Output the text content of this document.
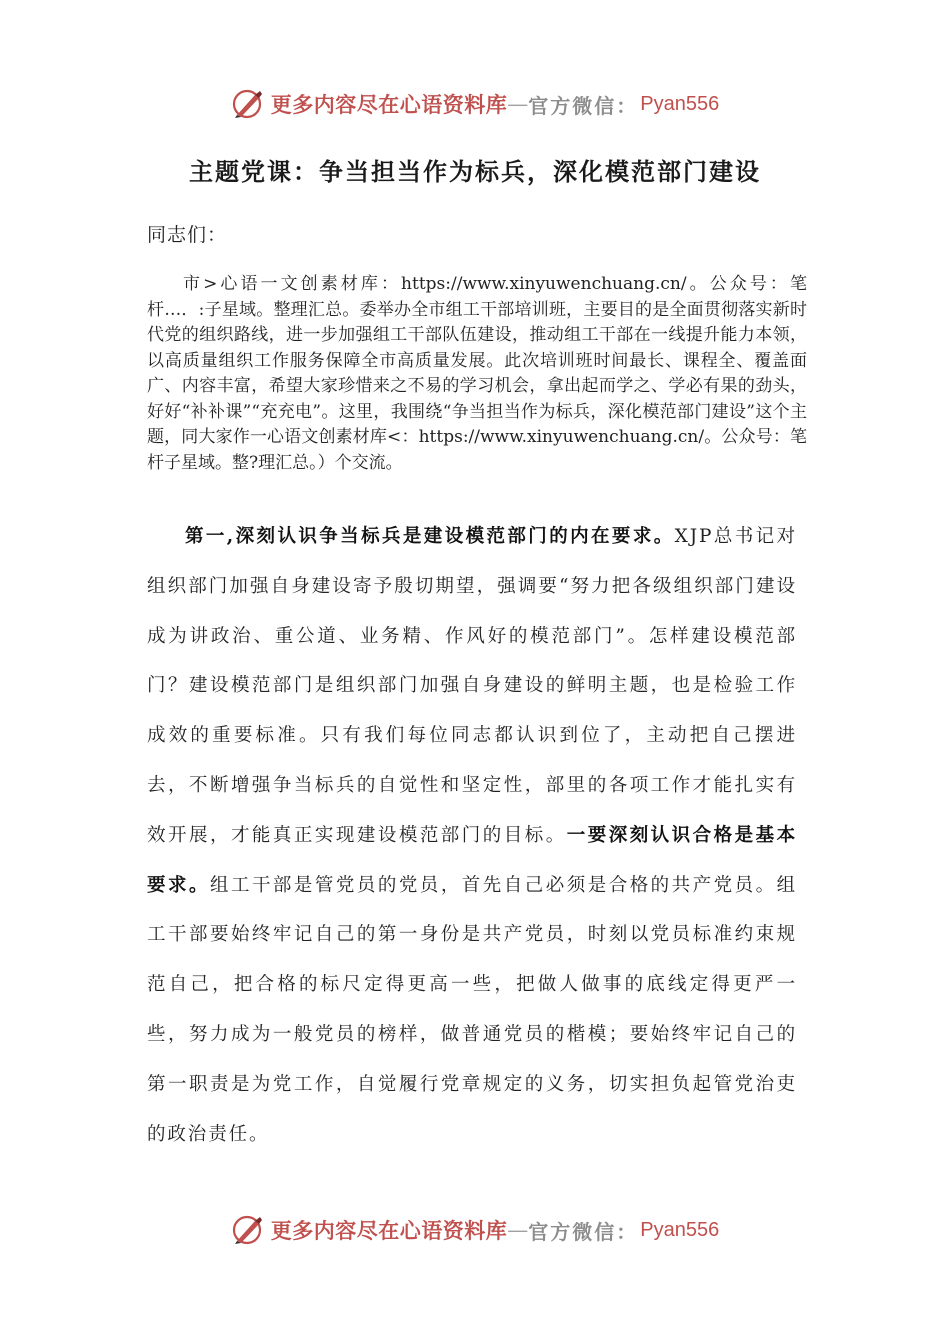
更多内容尽在心语资料库 — 官方微信： Pyan556
主题党课：争当担当作为标兵，深化模范部门建设
同志们：

市>心语一文创素材库：https://www.xinyuwenchuang.cn/。公众号：笔杆…．:子星域。整理汇总。委举办全市组工干部培训班，主要目的是全面贯彻落实新时代党的组织路线，进一步加强组工干部队伍建设，推动组工干部在一线提升能力本领，以高质量组织工作服务保障全市高质量发展。此次培训班时间最长、课程全、覆盖面广、内容丰富，希望大家珍惜来之不易的学习机会，拿出起而学之、学必有果的劲头，好好“补补课”“充充电”。这里，我围绕“争当担当作为标兵，深化模范部门建设”这个主题，同大家作一心语文创素材库<：https://www.xinyuwenchuang.cn/。公众号：笔杆子星域。整?理汇总。）个交流。

第一,深刻认识争当标兵是建设模范部门的内在要求。XJP总书记对组织部门加强自身建设寄予殷切期望，强调要“努力把各级组织部门建设成为讲政治、重公道、业务精、作风好的模范部门”。怎样建设模范部门？建设模范部门是组织部门加强自身建设的鲜明主题，也是检验工作成效的重要标准。只有我们每位同志都认识到位了，主动把自己摆进去，不断增强争当标兵的自觉性和坚定性，部里的各项工作才能扎实有效开展，才能真正实现建设模范部门的目标。一要深刻认识合格是基本要求。组工干部是管党员的党员，首先自己必须是合格的共产党员。组工干部要始终牢记自己的第一身份是共产党员，时刻以党员标准约束规范自己，把合格的标尺定得更高一些，把做人做事的底线定得更严一些，努力成为一般党员的榜样，做普通党员的楷模；要始终牢记自己的第一职责是为党工作，自觉履行党章规定的义务，切实担负起管党治吏的政治责任。

更多内容尽在心语资料库 — 官方微信： Pyan556
